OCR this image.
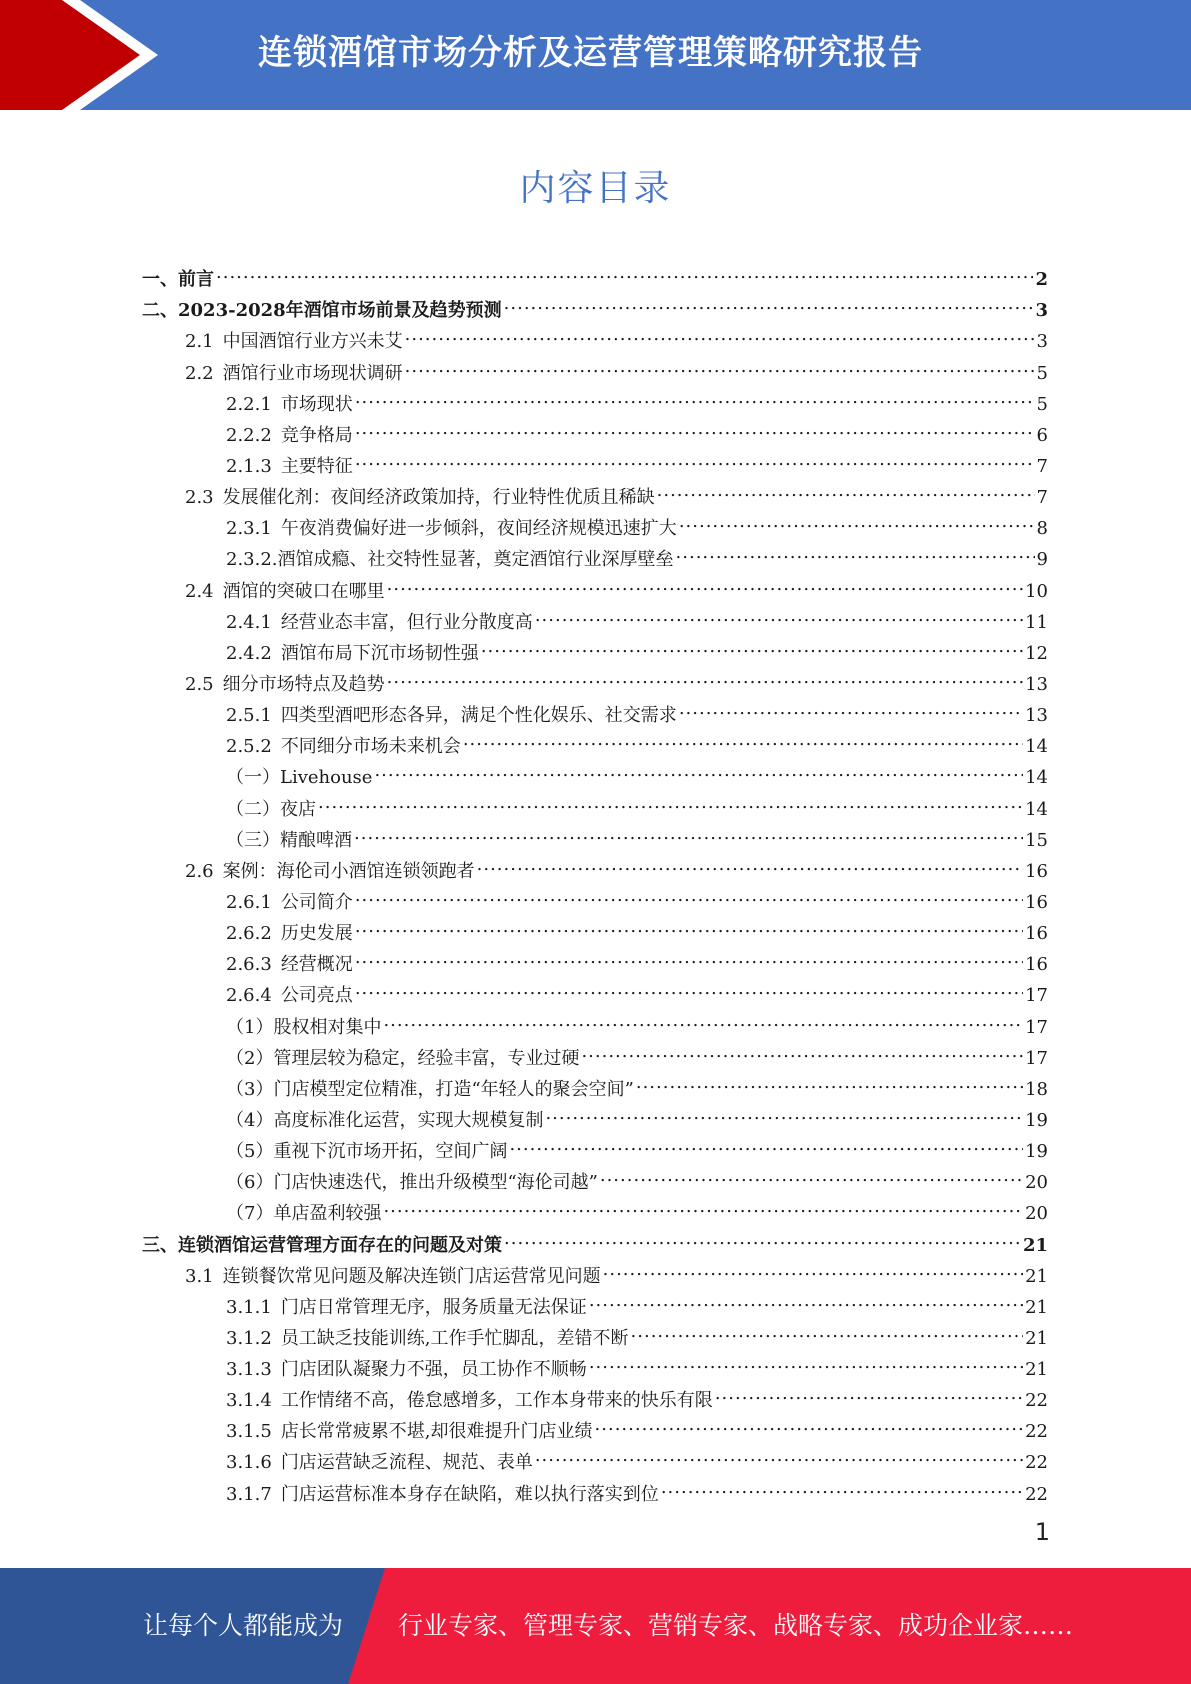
连锁酒馆市场分析及运营管理策略研究报告
内容目录
一、 前言 .....	2
二、 2023-2028年酒馆市场前景及趋势预测 .....	3
2.1 中国酒馆行业方兴未艾 .....	3
2.2 酒馆行业市场现状调研 .....	5
2.2.1 市场现状 .....	5
2.2.2 竞争格局 .....	6
2.1.3 主要特征 .....	7
2.3 发展催化剂：夜间经济政策加持，行业特性优质且稀缺 .....	7
2.3.1 午夜消费偏好进一步倾斜，夜间经济规模迅速扩大 .....	8
2.3.2.酒馆成瘾、社交特性显著，奠定酒馆行业深厚壁垒 .....	9
2.4 酒馆的突破口在哪里 .....	10
2.4.1 经营业态丰富，但行业分散度高 .....	11
2.4.2 酒馆布局下沉市场韧性强 .....	12
2.5 细分市场特点及趋势 .....	13
2.5.1 四类型酒吧形态各异，满足个性化娱乐、社交需求 .....	13
2.5.2 不同细分市场未来机会 .....	14
（一） Livehouse .....	14
（二） 夜店 .....	14
（三） 精酿啤酒 .....	15
2.6 案例：海伦司小酒馆连锁领跑者 .....	16
2.6.1 公司简介 .....	16
2.6.2 历史发展 .....	16
2.6.3 经营概况 .....	16
2.6.4 公司亮点 .....	17
（1） 股权相对集中 .....	17
（2） 管理层较为稳定，经验丰富，专业过硬 .....	17
（3） 门店模型定位精准，打造“年轻人的聚会空间” .....	18
（4） 高度标准化运营，实现大规模复制 .....	19
（5） 重视下沉市场开拓，空间广阔 .....	19
（6） 门店快速迭代，推出升级模型“海伦司越” .....	20
（7） 单店盈利较强 .....	20
三、 连锁酒馆运营管理方面存在的问题及对策 .....	21
3.1 连锁餐饮常见问题及解决连锁门店运营常见问题 .....	21
3.1.1 门店日常管理无序，服务质量无法保证 .....	21
3.1.2 员工缺乏技能训练,工作手忙脚乱，差错不断 .....	21
3.1.3 门店团队凝聚力不强，员工协作不顺畅 .....	21
3.1.4 工作情绪不高，倦怠感增多，工作本身带来的快乐有限 .....	22
3.1.5 店长常常疲累不堪,却很难提升门店业绩 .....	22
3.1.6 门店运营缺乏流程、规范、表单 .....	22
3.1.7 门店运营标准本身存在缺陷，难以执行落实到位 .....	22
1
让每个人都能成为 行业专家、管理专家、营销专家、战略专家、成功企业家……
